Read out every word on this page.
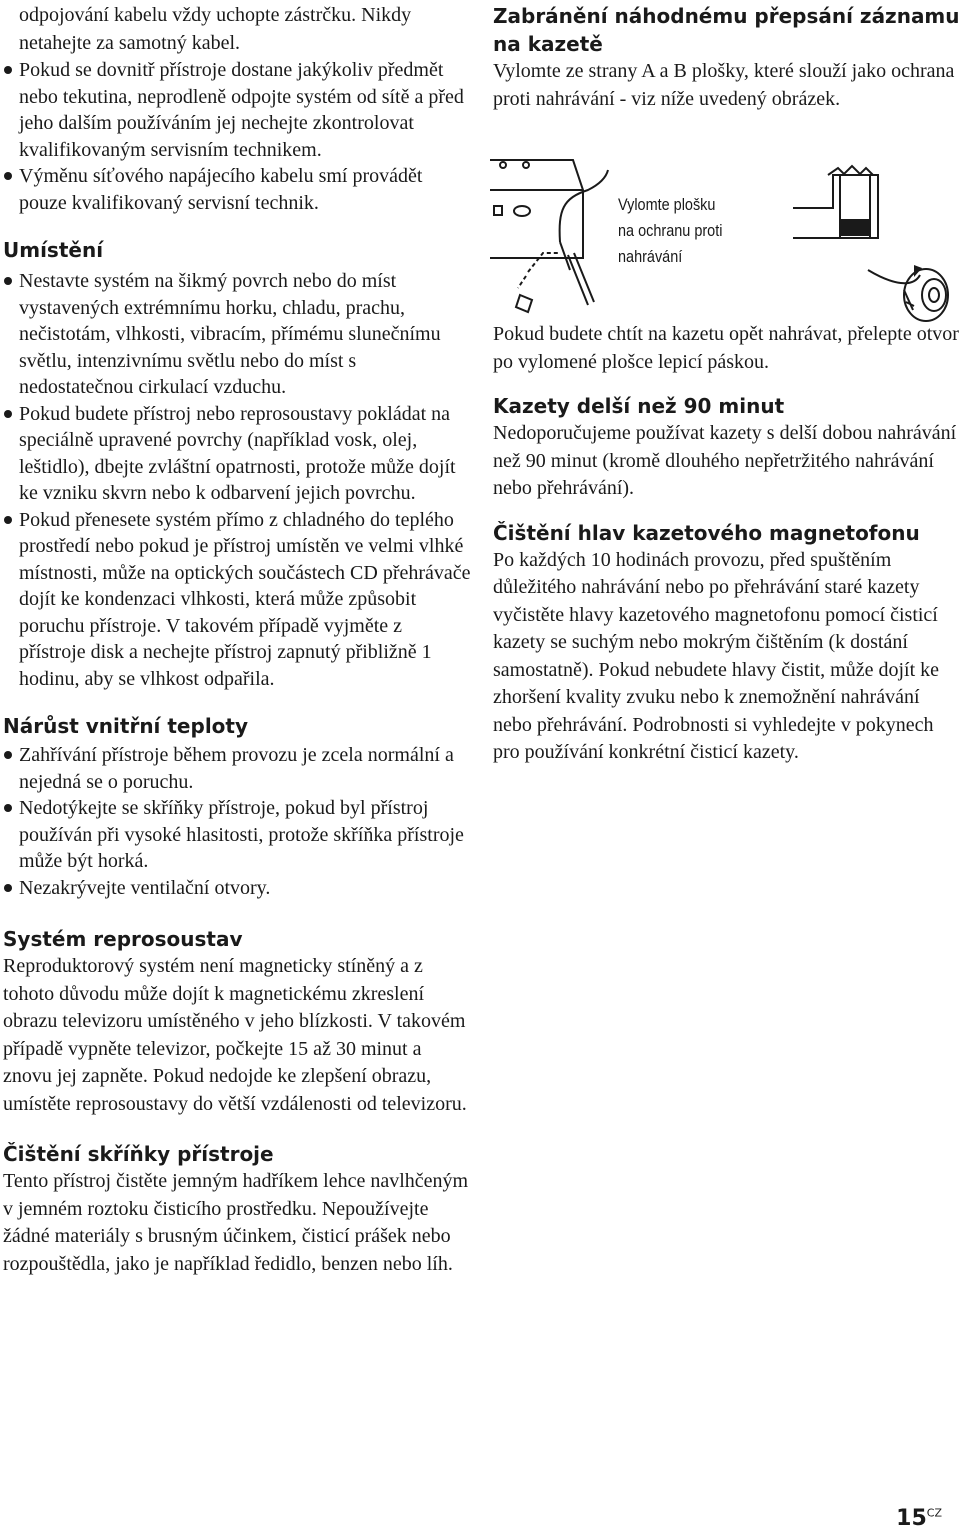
odpojování kabelu vždy uchopte zástrčku. Nikdy netahejte za samotný kabel.

Pokud se dovnitř přístroje dostane jakýkoliv předmět nebo tekutina, neprodleně odpojte systém od sítě a před jeho dalším používáním jej nechejte zkontrolovat kvalifikovaným servisním technikem.

Výměnu síťového napájecího kabelu smí provádět pouze kvalifikovaný servisní technik.

Umístění

Nestavte systém na šikmý povrch nebo do míst vystavených extrémnímu horku, chladu, prachu, nečistotám, vlhkosti, vibracím, přímému slunečnímu světlu, intenzivnímu světlu nebo do míst s nedostatečnou cirkulací vzduchu.

Pokud budete přístroj nebo reprosoustavy pokládat na speciálně upravené povrchy (například vosk, olej, leštidlo), dbejte zvláštní opatrnosti, protože může dojít ke vzniku skvrn nebo k odbarvení jejich povrchu.

Pokud přenesete systém přímo z chladného do teplého prostředí nebo pokud je přístroj umístěn ve velmi vlhké místnosti, může na optických součástech CD přehrávače dojít ke kondenzaci vlhkosti, která může způsobit poruchu přístroje. V takovém případě vyjměte z přístroje disk a nechejte přístroj zapnutý přibližně 1 hodinu, aby se vlhkost odpařila.

Nárůst vnitřní teploty

Zahřívání přístroje během provozu je zcela normální a nejedná se o poruchu.

Nedotýkejte se skříňky přístroje, pokud byl přístroj používán při vysoké hlasitosti, protože skříňka přístroje může být horká.

Nezakrývejte ventilační otvory.

Systém reprosoustav

Reproduktorový systém není magneticky stíněný a z tohoto důvodu může dojít k magnetickému zkreslení obrazu televizoru umístěného v jeho blízkosti. V takovém případě vypněte televizor, počkejte 15 až 30 minut a znovu jej zapněte. Pokud nedojde ke zlepšení obrazu, umístěte reprosoustavy do větší vzdálenosti od televizoru.

Čištění skříňky přístroje

Tento přístroj čistěte jemným hadříkem lehce navlhčeným v jemném roztoku čisticího prostředku. Nepoužívejte žádné materiály s brusným účinkem, čisticí prášek nebo rozpouštědla, jako je například ředidlo, benzen nebo líh.

Zabránění náhodnému přepsání záznamu na kazetě

Vylomte ze strany A a B plošky, které slouží jako ochrana proti nahrávání - viz níže uvedený obrázek.

Pokud budete chtít na kazetu opět nahrávat, přelepte otvor po vylomené plošce lepicí páskou.

Kazety delší než 90 minut

Nedoporučujeme používat kazety s delší dobou nahrávání než 90 minut (kromě dlouhého nepřetržitého nahrávání nebo přehrávání).

Čištění hlav kazetového magnetofonu

Po každých 10 hodinách provozu, před spuštěním důležitého nahrávání nebo po přehrávání staré kazety vyčistěte hlavy kazetového magnetofonu pomocí čisticí kazety se suchým nebo mokrým čištěním (k dostání samostatně). Pokud nebudete hlavy čistit, může dojít ke zhoršení kvality zvuku nebo k znemožnění nahrávání nebo přehrávání. Podrobnosti si vyhledejte v pokynech pro používání konkrétní čisticí kazety.

Vylomte plošku
na ochranu proti
nahrávání
$15^{CZ}$
